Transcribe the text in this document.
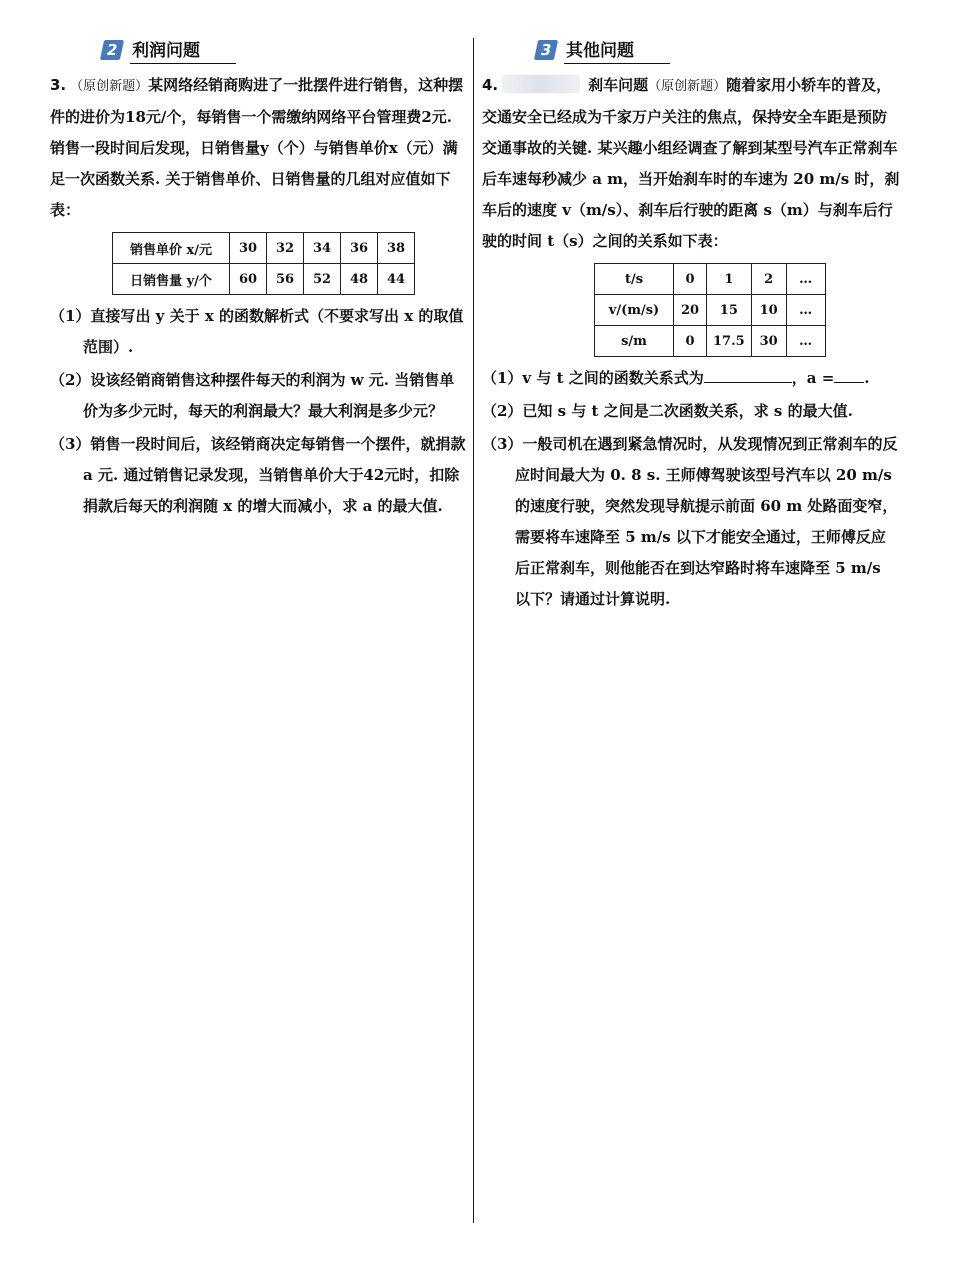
2 利润问题
3. （原创新题）某网络经销商购进了一批摆件进行销售，这种摆件的进价为18元/个，每销售一个需缴纳网络平台管理费2元. 销售一段时间后发现，日销售量y（个）与销售单价x（元）满足一次函数关系. 关于销售单价、日销售量的几组对应值如下表：
销售单价 x/元	30	32	34	36	38
日销售量 y/个	60	56	52	48	44
（1）直接写出 y 关于 x 的函数解析式（不要求写出 x 的取值范围）.
（2）设该经销商销售这种摆件每天的利润为 w 元. 当销售单价为多少元时，每天的利润最大？最大利润是多少元？
（3）销售一段时间后，该经销商决定每销售一个摆件，就捐款 a 元. 通过销售记录发现，当销售单价大于42元时，扣除捐款后每天的利润随 x 的增大而减小，求 a 的最大值.
3 其他问题
4.	刹车问题（原创新题）随着家用小轿车的普及，交通安全已经成为千家万户关注的焦点，保持安全车距是预防交通事故的关键. 某兴趣小组经调查了解到某型号汽车正常刹车后车速每秒减少 a m，当开始刹车时的车速为 20 m/s 时，刹车后的速度 v（m/s）、刹车后行驶的距离 s（m）与刹车后行驶的时间 t（s）之间的关系如下表：
t/s	0	1	2	…
v/(m/s)	20	15	10	…
s/m	0	17.5	30	…
（1）v 与 t 之间的函数关系式为	，a = .
（2）已知 s 与 t 之间是二次函数关系，求 s 的最大值.
（3）一般司机在遇到紧急情况时，从发现情况到正常刹车的反应时间最大为 0. 8 s. 王师傅驾驶该型号汽车以 20 m/s 的速度行驶，突然发现导航提示前面 60 m 处路面变窄，需要将车速降至 5 m/s 以下才能安全通过，王师傅反应后正常刹车，则他能否在到达窄路时将车速降至 5 m/s 以下？请通过计算说明.
